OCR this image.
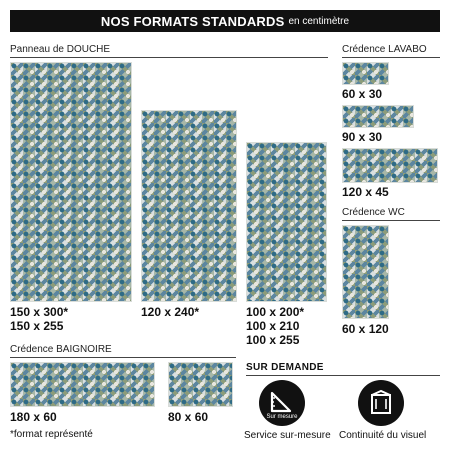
NOS FORMATS STANDARDS en centimètre
Panneau de DOUCHE
150 x 300*
150 x 255
120 x 240*	100 x 200*
100 x 210
100 x 255
Crédence LAVABO
60 x 30
90 x 30
120 x 45
Crédence WC
60 x 120
Crédence BAIGNOIRE
180 x 60	80 x 60
*format représenté
SUR DEMANDE
Sur mesure
Service sur-mesure Continuité du visuel
